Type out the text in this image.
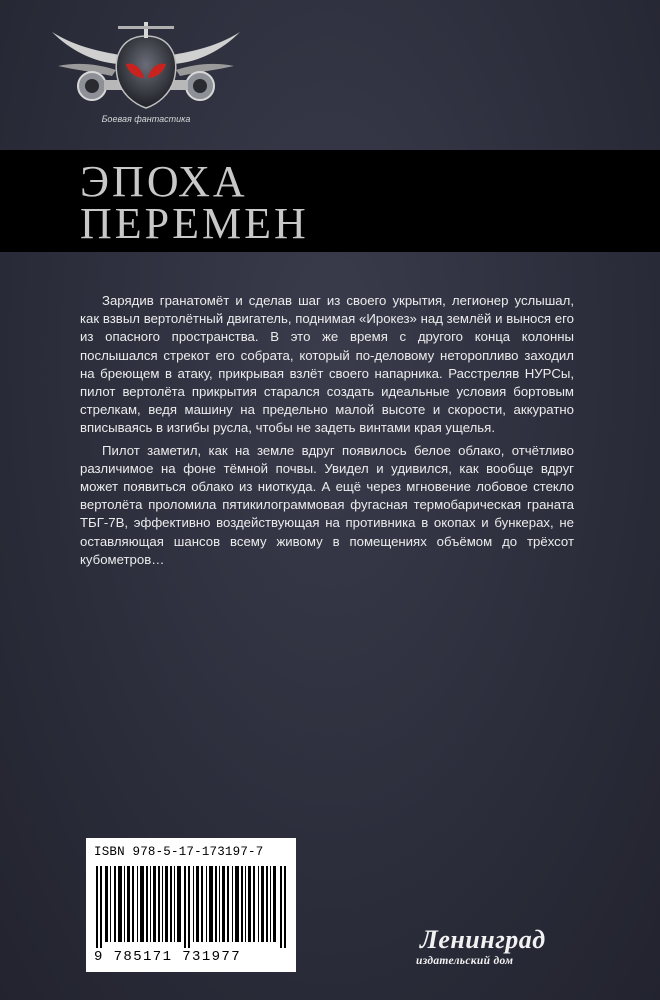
Боевая фантастика
ЭПОХА
ПЕРЕМЕН

Зарядив гранатомёт и сделав шаг из своего укрытия, легионер услышал, как взвыл вертолётный двигатель, поднимая «Ирокез» над землёй и вынося его из опасного пространства. В это же время с другого конца колонны послышался стрекот его собрата, который по-деловому неторопливо заходил на бреющем в атаку, прикрывая взлёт своего напарника. Расстреляв НУРСы, пилот вертолёта прикрытия старался создать идеальные условия бортовым стрелкам, ведя машину на предельно малой высоте и скорости, аккуратно вписываясь в изгибы русла, чтобы не задеть винтами края ущелья.

Пилот заметил, как на земле вдруг появилось белое облако, отчётливо различимое на фоне тёмной почвы. Увидел и удивился, как вообще вдруг может появиться облако из ниоткуда. А ещё через мгновение лобовое стекло вертолёта проломила пятикилограммовая фугасная термобарическая граната ТБГ-7В, эффективно воздействующая на противника в окопах и бункерах, не оставляющая шансов всему живому в помещениях объёмом до трёхсот кубометров…

ISBN 978-5-17-173197-7
9 785171 731977
Ленинград
издательский дом
